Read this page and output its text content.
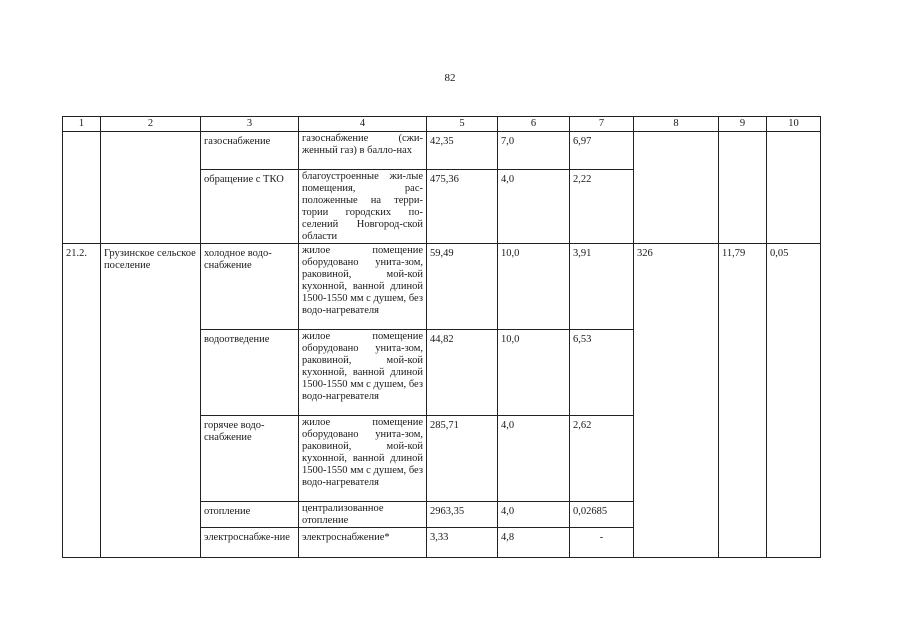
82
1	2	3	4	5	6	7	8	9	10
		газоснабжение	газоснабжение (сжи-женный газ) в балло-нах	42,35	7,0	6,97			
		обращение с ТКО	благоустроенные жи-лые помещения, рас-положенные на терри-тории городских по-селений Новгород-ской области	475,36	4,0	2,22			
21.2.	Грузинское сельское поселение	холодное водо-снабжение	жилое помещение оборудовано унита-зом, раковиной, мой-кой кухонной, ванной длиной 1500-1550 мм с душем, без водо-нагревателя	59,49	10,0	3,91	326	11,79	0,05
		водоотведение	жилое помещение оборудовано унита-зом, раковиной, мой-кой кухонной, ванной длиной 1500-1550 мм с душем, без водо-нагревателя	44,82	10,0	6,53			
		горячее водо-снабжение	жилое помещение оборудовано унита-зом, раковиной, мой-кой кухонной, ванной длиной 1500-1550 мм с душем, без водо-нагревателя	285,71	4,0	2,62			
		отопление	централизованное отопление	2963,35	4,0	0,02685			
		электроснабже-ние	электроснабжение*	3,33	4,8	-			
